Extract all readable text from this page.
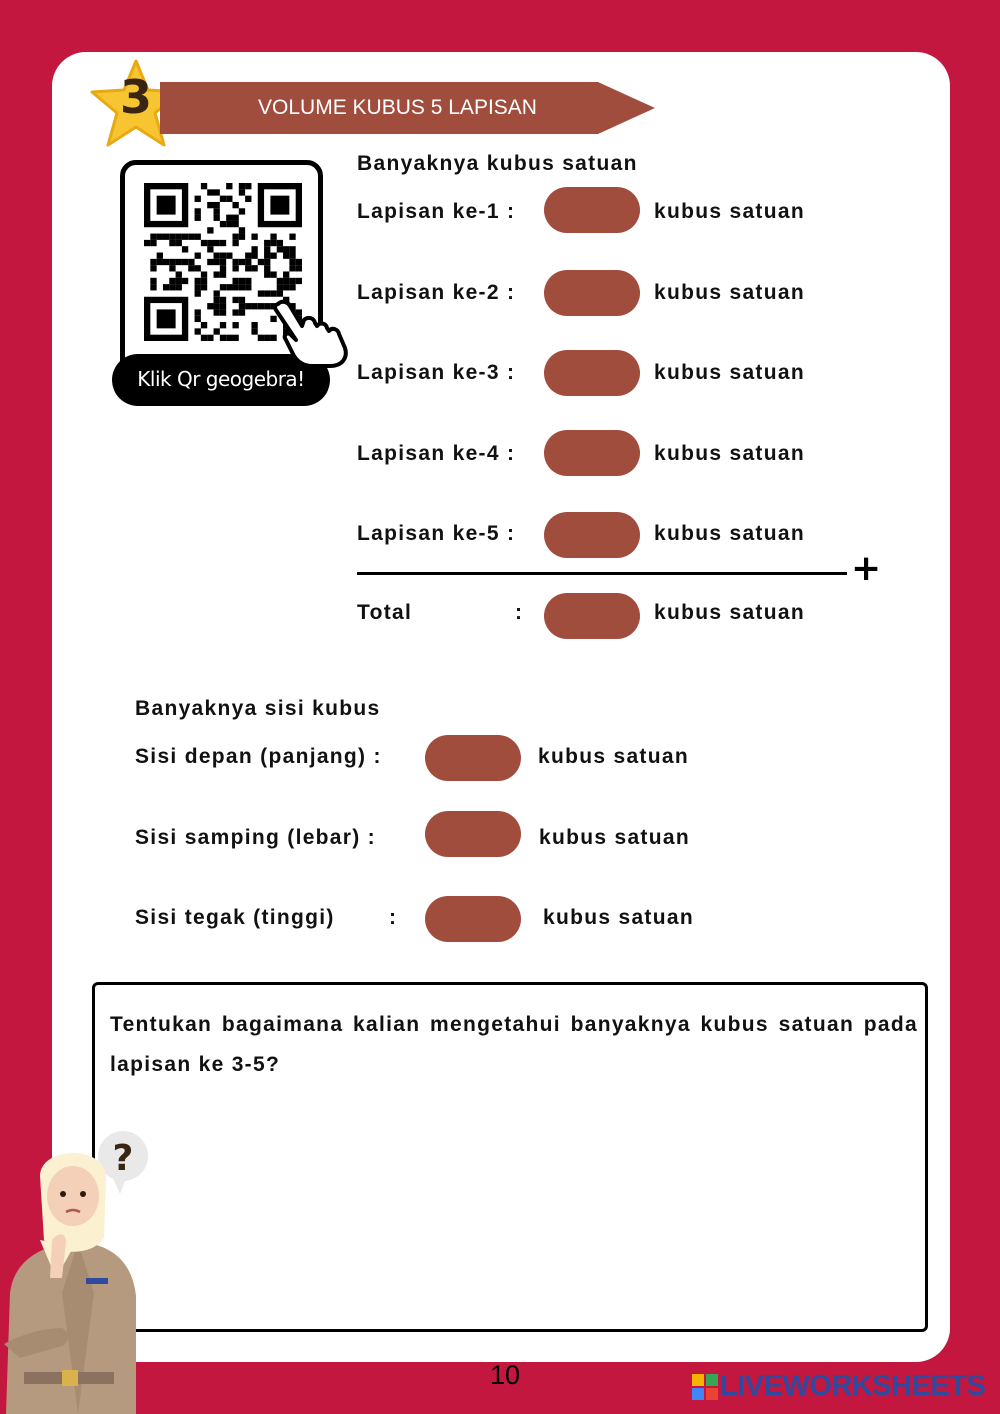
3	VOLUME KUBUS 5 LAPISAN
Klik Qr geogebra!
Banyaknya kubus satuan
Lapisan ke-1 :	kubus satuan
Lapisan ke-2 :	kubus satuan
Lapisan ke-3 :	kubus satuan
Lapisan ke-4 :	kubus satuan
Lapisan ke-5 :	kubus satuan
+
Total	:	kubus satuan
Banyaknya sisi kubus
Sisi depan (panjang) :	kubus satuan
Sisi samping (lebar) :	kubus satuan
Sisi tegak (tinggi)	:	kubus satuan
Tentukan bagaimana kalian mengetahui banyaknya kubus satuan pada lapisan ke 3-5?
?
10	LIVEWORKSHEETS
